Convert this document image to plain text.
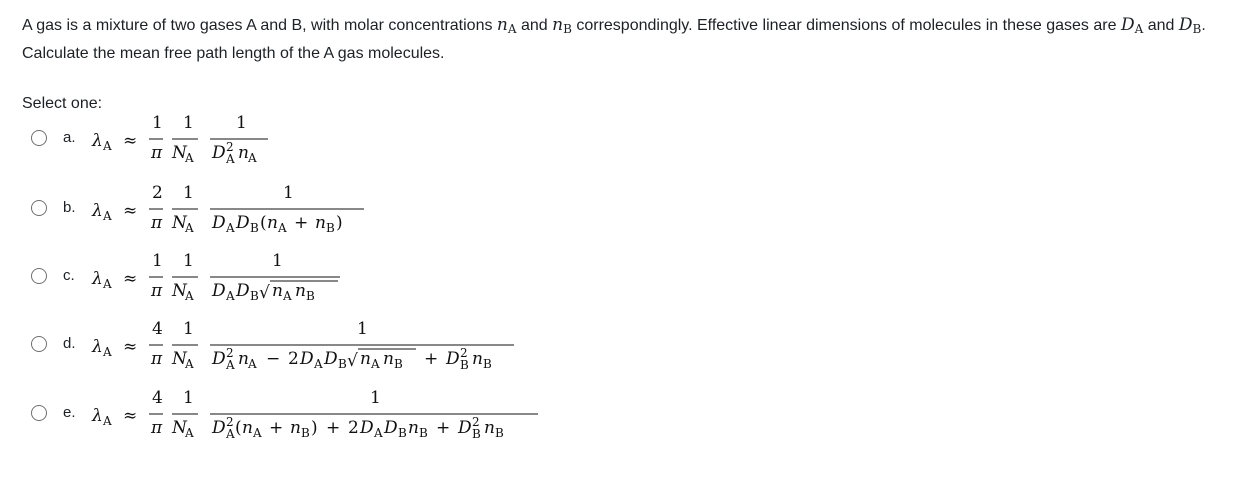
A gas is a mixture of two gases A and B, with molar concentrations nA and nB correspondingly. Effective linear dimensions of molecules in these gases are DA and DB. Calculate the mean free path length of the A gas molecules.
Select one:
a. λ A ≈
1
π
1
N
A
1
D 2
A n A
b. λ A ≈
2
π
1
N
A
1
D A D B ( n A + n B )
c. λ A ≈
1
π
1
N
A
1
D A D B √ n A n B
d. λ A ≈
4
π
1
N
A
1
D 2
A n A − 2 D A D B √ n A n B + D 2
B n B
e. λ A ≈
4
π
1
N
A
1
D 2
A ( n A + n B ) + 2 D A D B n B + D 2
B n B
